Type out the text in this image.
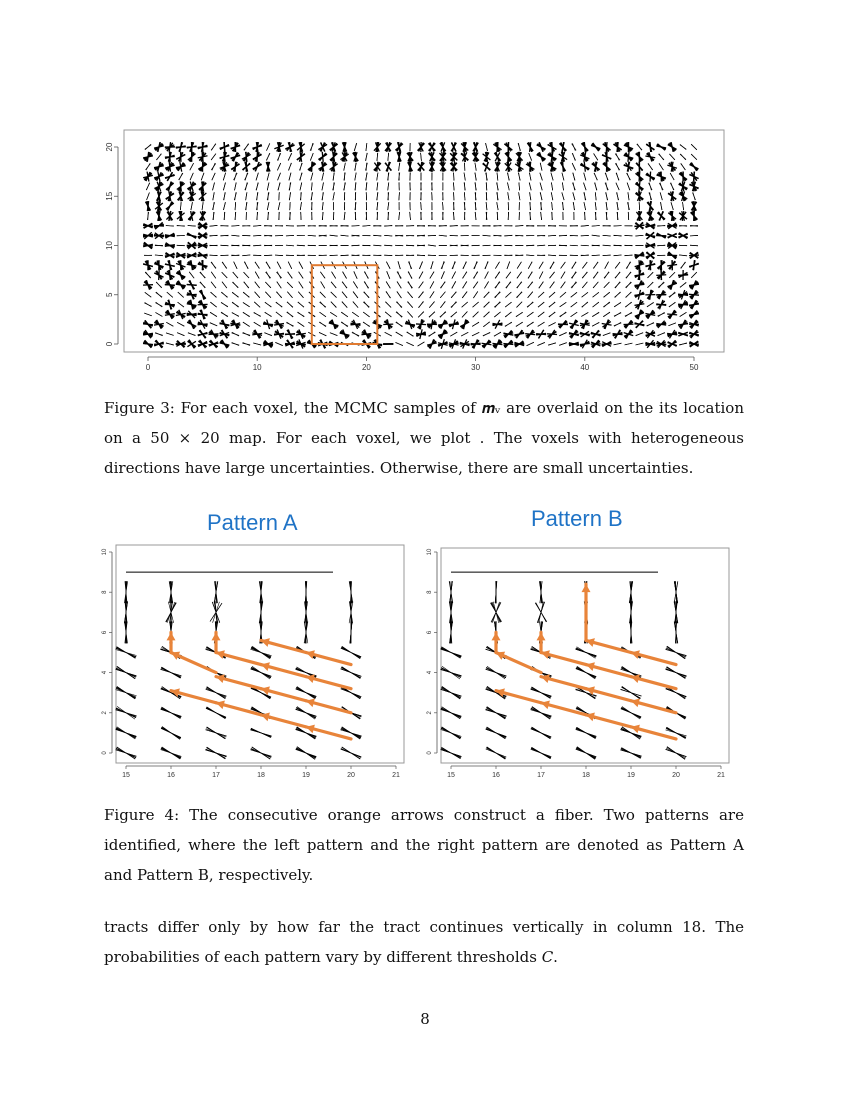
0	10	20	30	40	50
0
5
10
15
20
Figure 3: For each voxel, the MCMC samples of 𝒎ᵥ are overlaid on the its location on a 50 × 20 map. For each voxel, we plot . The voxels with heterogeneous directions have large uncertainties. Otherwise, there are small uncertainties.
Pattern A	Pattern B
15	16	17	18	19	20	21
0
2
4
6
8
10
15	16	17	18	19	20	21
0
2
4
6
8
10
Figure 4: The consecutive orange arrows construct a fiber. Two patterns are identified, where the left pattern and the right pattern are denoted as Pattern A and Pattern B, respectively.
tracts differ only by how far the tract continues vertically in column 18. The probabilities of each pattern vary by different thresholds 𝐶.
8
